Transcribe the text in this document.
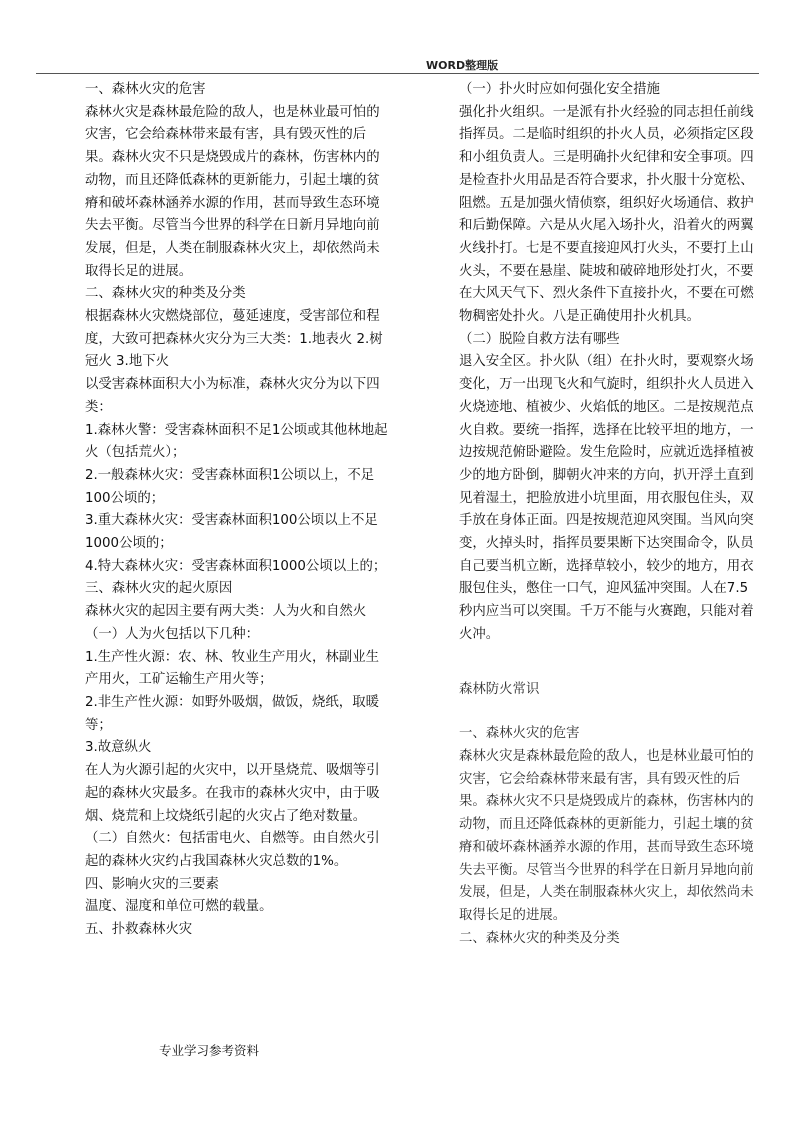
WORD整理版

一、森林火灾的危害

森林火灾是森林最危险的敌人，也是林业最可怕的灾害，它会给森林带来最有害，具有毁灭性的后果。森林火灾不只是烧毁成片的森林，伤害林内的动物，而且还降低森林的更新能力，引起土壤的贫瘠和破坏森林涵养水源的作用，甚而导致生态环境失去平衡。尽管当今世界的科学在日新月异地向前发展，但是，人类在制服森林火灾上，却依然尚未取得长足的进展。

二、森林火灾的种类及分类

根据森林火灾燃烧部位，蔓延速度，受害部位和程度，大致可把森林火灾分为三大类：1.地表火 2.树冠火 3.地下火

以受害森林面积大小为标准，森林火灾分为以下四类：

1.森林火警：受害森林面积不足1公顷或其他林地起火（包括荒火）；

2.一般森林火灾：受害森林面积1公顷以上，不足100公顷的；

3.重大森林火灾：受害森林面积100公顷以上不足1000公顷的；

4.特大森林火灾：受害森林面积1000公顷以上的；

三、森林火灾的起火原因

森林火灾的起因主要有两大类：人为火和自然火

（一）人为火包括以下几种：

1.生产性火源：农、林、牧业生产用火，林副业生产用火，工矿运输生产用火等；

2.非生产性火源：如野外吸烟，做饭，烧纸，取暖等；

3.故意纵火

在人为火源引起的火灾中，以开垦烧荒、吸烟等引起的森林火灾最多。在我市的森林火灾中，由于吸烟、烧荒和上坟烧纸引起的火灾占了绝对数量。

（二）自然火：包括雷电火、自燃等。由自然火引起的森林火灾约占我国森林火灾总数的1%。

四、影响火灾的三要素

温度、湿度和单位可燃的载量。

五、扑救森林火灾

（一）扑火时应如何强化安全措施

强化扑火组织。一是派有扑火经验的同志担任前线指挥员。二是临时组织的扑火人员，必须指定区段和小组负责人。三是明确扑火纪律和安全事项。四是检查扑火用品是否符合要求，扑火服十分宽松、阻燃。五是加强火情侦察，组织好火场通信、救护和后勤保障。六是从火尾入场扑火，沿着火的两翼火线扑打。七是不要直接迎风打火头，不要打上山火头，不要在悬崖、陡坡和破碎地形处打火，不要在大风天气下、烈火条件下直接扑火，不要在可燃物稠密处扑火。八是正确使用扑火机具。

（二）脱险自救方法有哪些

退入安全区。扑火队（组）在扑火时，要观察火场变化，万一出现飞火和气旋时，组织扑火人员进入火烧迹地、植被少、火焰低的地区。二是按规范点火自救。要统一指挥，选择在比较平坦的地方，一边按规范俯卧避险。发生危险时，应就近选择植被少的地方卧倒，脚朝火冲来的方向，扒开浮土直到见着湿土，把脸放进小坑里面，用衣服包住头，双手放在身体正面。四是按规范迎风突围。当风向突变，火掉头时，指挥员要果断下达突围命令，队员自己要当机立断，选择草较小，较少的地方，用衣服包住头，憋住一口气，迎风猛冲突围。人在7.5秒内应当可以突围。千万不能与火赛跑，只能对着火冲。

森林防火常识

一、森林火灾的危害

森林火灾是森林最危险的敌人，也是林业最可怕的灾害，它会给森林带来最有害，具有毁灭性的后果。森林火灾不只是烧毁成片的森林，伤害林内的动物，而且还降低森林的更新能力，引起土壤的贫瘠和破坏森林涵养水源的作用，甚而导致生态环境失去平衡。尽管当今世界的科学在日新月异地向前发展，但是，人类在制服森林火灾上，却依然尚未取得长足的进展。

二、森林火灾的种类及分类

专业学习参考资料
